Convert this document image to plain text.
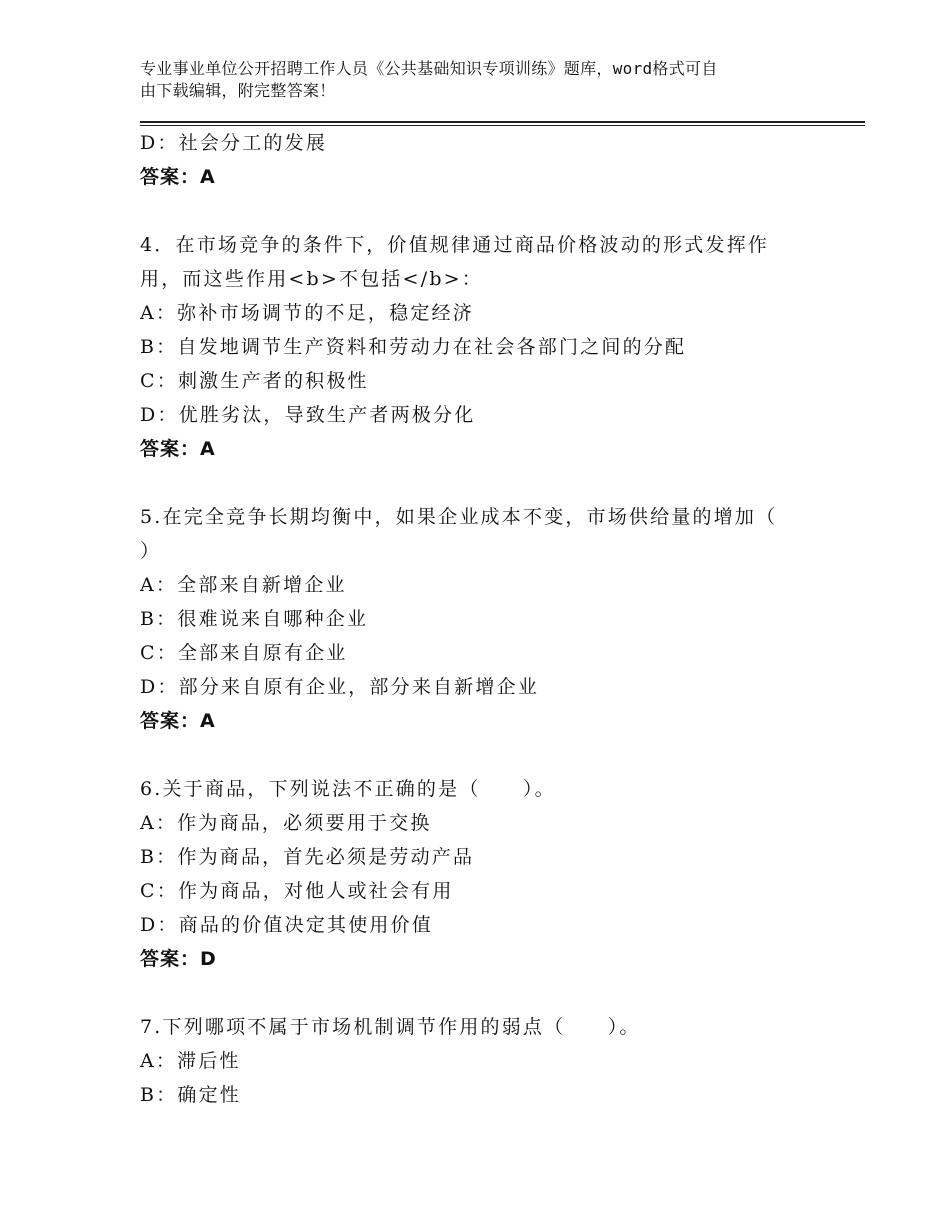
专业事业单位公开招聘工作人员《公共基础知识专项训练》题库，word格式可自
由下载编辑，附完整答案！
D：社会分工的发展
答案：A
4．在市场竞争的条件下，价值规律通过商品价格波动的形式发挥作
用，而这些作用<b>不包括</b>：
A：弥补市场调节的不足，稳定经济
B：自发地调节生产资料和劳动力在社会各部门之间的分配
C：刺激生产者的积极性
D：优胜劣汰，导致生产者两极分化
答案：A
5.在完全竞争长期均衡中，如果企业成本不变，市场供给量的增加（
）
A：全部来自新增企业
B：很难说来自哪种企业
C：全部来自原有企业
D：部分来自原有企业，部分来自新增企业
答案：A
6.关于商品，下列说法不正确的是（　　）。
A：作为商品，必须要用于交换
B：作为商品，首先必须是劳动产品
C：作为商品，对他人或社会有用
D：商品的价值决定其使用价值
答案：D
7.下列哪项不属于市场机制调节作用的弱点（　　）。
A：滞后性
B：确定性
